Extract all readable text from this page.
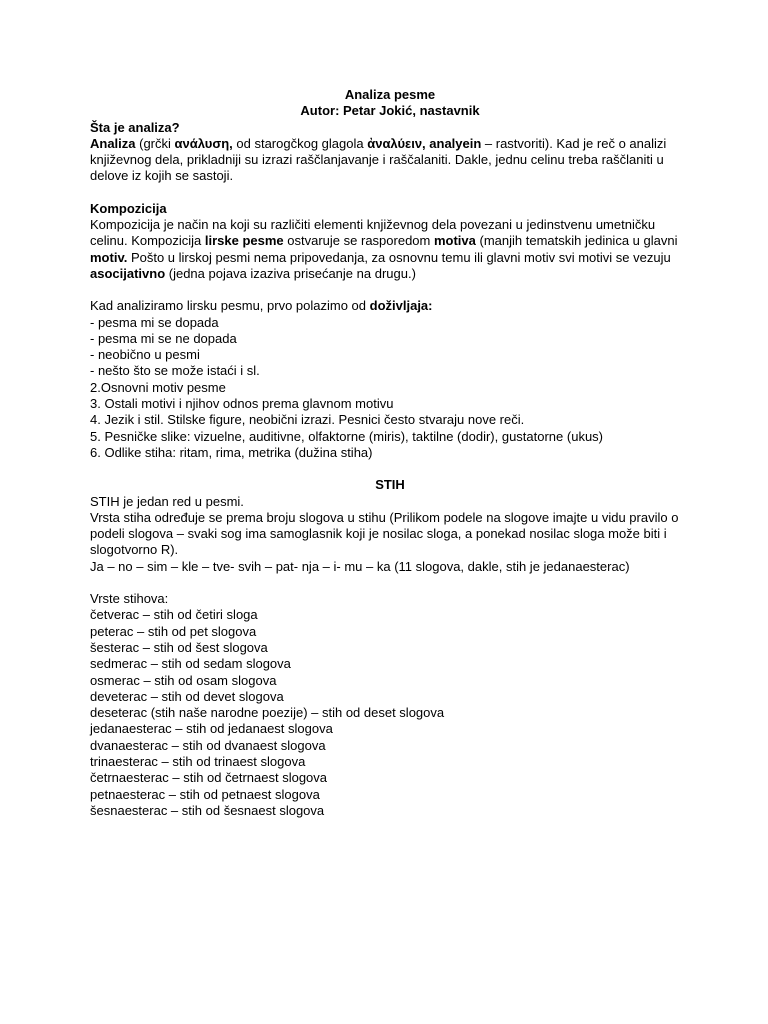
Analiza pesme

Autor: Petar Jokić, nastavnik

Šta je analiza?

Analiza (grčki ανάλυση, od starogčkog glagola ἀναλύειν, analyein – rastvoriti). Kad je reč o analizi književnog dela, prikladniji su izrazi raščlanjavanje i raščalaniti. Dakle, jednu celinu treba raščlaniti u delove iz kojih se sastoji.

Kompozicija

Kompozicija je način na koji su različiti elementi književnog dela povezani u jedinstvenu umetničku celinu. Kompozicija lirske pesme ostvaruje se rasporedom motiva (manjih tematskih jedinica u glavni motiv. Pošto u lirskoj pesmi nema pripovedanja, za osnovnu temu ili glavni motiv svi motivi se vezuju asocijativno (jedna pojava izaziva prisećanje na drugu.)

Kad analiziramo lirsku pesmu, prvo polazimo od doživljaja:

- pesma mi se dopada
- pesma mi se ne dopada
- neobično u pesmi
- nešto što se može istaći i sl.
2.Osnovni motiv pesme
3. Ostali motivi i njihov odnos prema glavnom motivu
4. Jezik i stil. Stilske figure, neobični izrazi. Pesnici često stvaraju nove reči.
5. Pesničke slike: vizuelne, auditivne, olfaktorne (miris), taktilne (dodir), gustatorne (ukus)
6. Odlike stiha: ritam, rima, metrika (dužina stiha)

STIH

STIH je jedan red u pesmi.

Vrsta stiha određuje se prema broju slogova u stihu (Prilikom podele na slogove imajte u vidu pravilo o podeli slogova – svaki sog ima samoglasnik koji je nosilac sloga, a ponekad nosilac sloga može biti i slogotvorno R).

Ja – no – sim – kle – tve- svih – pat- nja – i- mu – ka (11 slogova, dakle, stih je jedanaesterac)

Vrste stihova:

četverac – stih od četiri sloga
peterac – stih od pet slogova
šesterac – stih od šest slogova
sedmerac – stih od sedam slogova
osmerac – stih od osam slogova
deveterac – stih od devet slogova
deseterac (stih naše narodne poezije) – stih od deset slogova
jedanaesterac – stih od jedanaest slogova
dvanaesterac – stih od dvanaest slogova
trinaesterac – stih od trinaest slogova
četrnaesterac – stih od četrnaest slogova
petnaesterac – stih od petnaest slogova
šesnaesterac – stih od šesnaest slogova
